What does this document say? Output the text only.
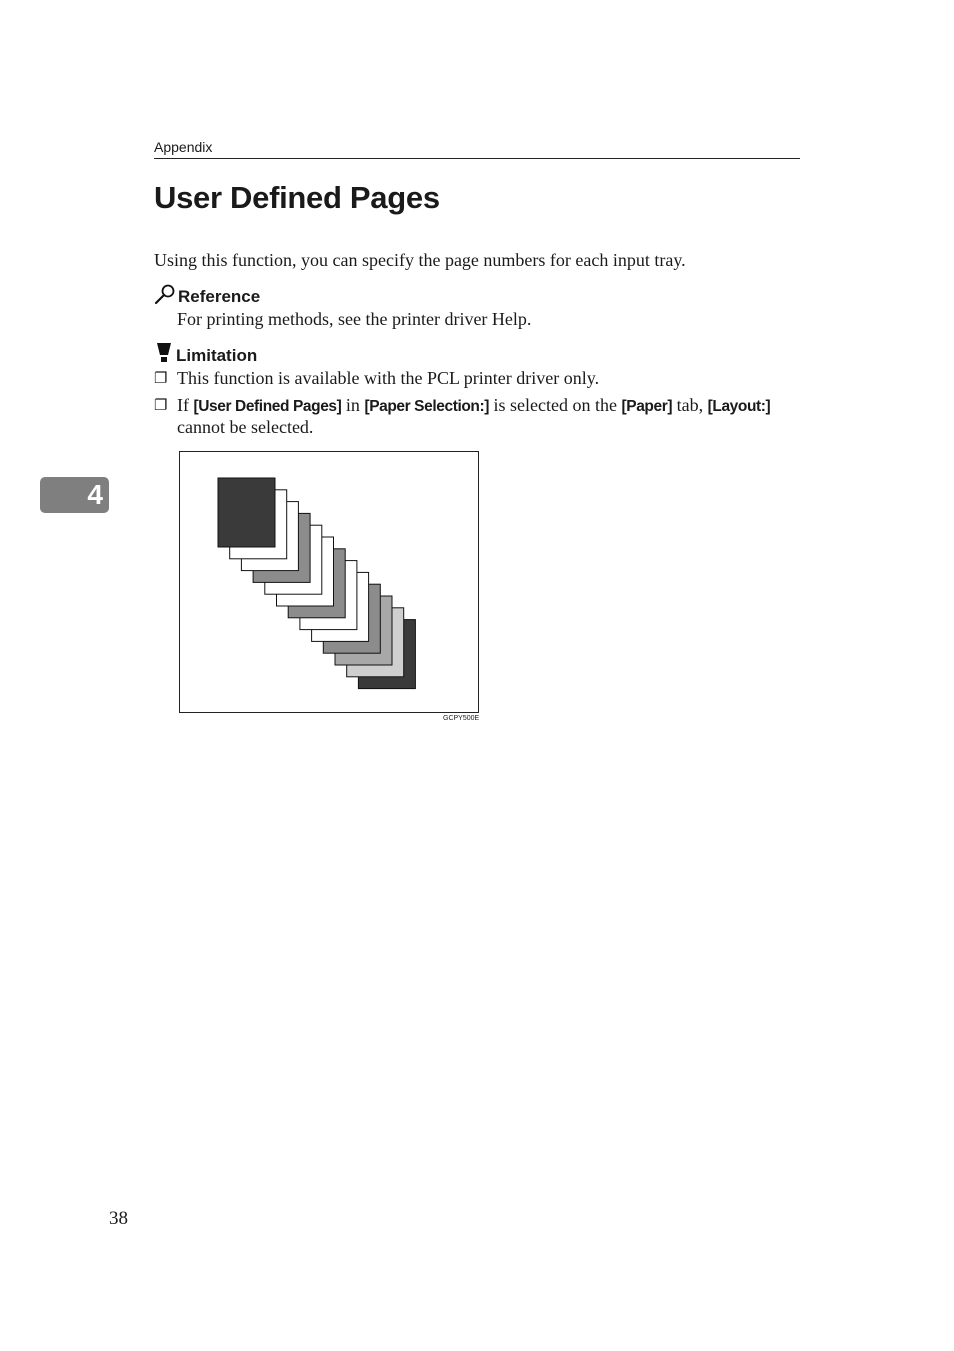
Appendix
User Defined Pages

Using this function, you can specify the page numbers for each input tray.

Reference

For printing methods, see the printer driver Help.

Limitation
❐ This function is available with the PCL printer driver only.
❐ If [User Defined Pages] in [Paper Selection:] is selected on the [Paper] tab, [Layout:] cannot be selected.
4
GCPY500E
38
